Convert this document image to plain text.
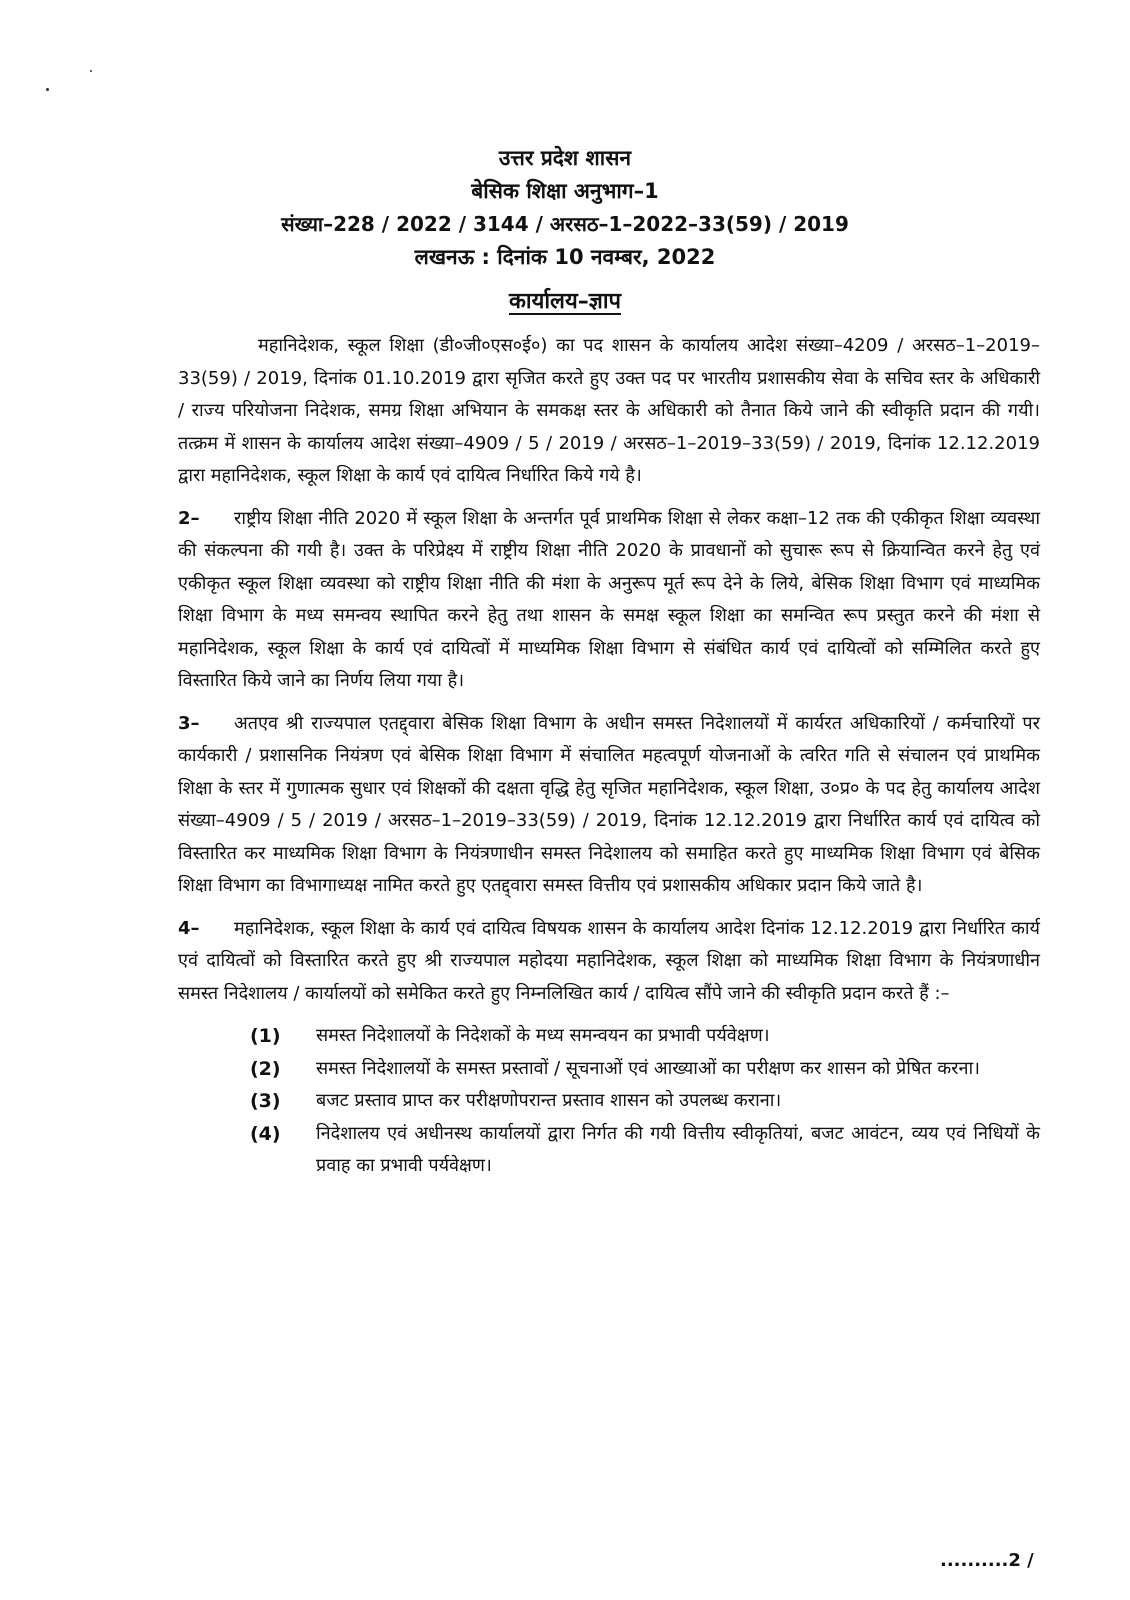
उत्तर प्रदेश शासन
बेसिक शिक्षा अनुभाग–1
संख्या–228 / 2022 / 3144 / अरसठ–1–2022–33(59) / 2019
लखनऊ : दिनांक 10 नवम्बर, 2022
कार्यालय–ज्ञाप

महानिदेशक, स्कूल शिक्षा (डी०जी०एस०ई०) का पद शासन के कार्यालय आदेश संख्या–4209 / अरसठ–1–2019–33(59) / 2019, दिनांक 01.10.2019 द्वारा सृजित करते हुए उक्त पद पर भारतीय प्रशासकीय सेवा के सचिव स्तर के अधिकारी / राज्य परियोजना निदेशक, समग्र शिक्षा अभियान के समकक्ष स्तर के अधिकारी को तैनात किये जाने की स्वीकृति प्रदान की गयी। तत्क्रम में शासन के कार्यालय आदेश संख्या–4909 / 5 / 2019 / अरसठ–1–2019–33(59) / 2019, दिनांक 12.12.2019 द्वारा महानिदेशक, स्कूल शिक्षा के कार्य एवं दायित्व निर्धारित किये गये है।

2– राष्ट्रीय शिक्षा नीति 2020 में स्कूल शिक्षा के अन्तर्गत पूर्व प्राथमिक शिक्षा से लेकर कक्षा–12 तक की एकीकृत शिक्षा व्यवस्था की संकल्पना की गयी है। उक्त के परिप्रेक्ष्य में राष्ट्रीय शिक्षा नीति 2020 के प्रावधानों को सुचारू रूप से क्रियान्वित करने हेतु एवं एकीकृत स्कूल शिक्षा व्यवस्था को राष्ट्रीय शिक्षा नीति की मंशा के अनुरूप मूर्त रूप देने के लिये, बेसिक शिक्षा विभाग एवं माध्यमिक शिक्षा विभाग के मध्य समन्वय स्थापित करने हेतु तथा शासन के समक्ष स्कूल शिक्षा का समन्वित रूप प्रस्तुत करने की मंशा से महानिदेशक, स्कूल शिक्षा के कार्य एवं दायित्वों में माध्यमिक शिक्षा विभाग से संबंधित कार्य एवं दायित्वों को सम्मिलित करते हुए विस्तारित किये जाने का निर्णय लिया गया है।

3– अतएव श्री राज्यपाल एतद्द्वारा बेसिक शिक्षा विभाग के अधीन समस्त निदेशालयों में कार्यरत अधिकारियों / कर्मचारियों पर कार्यकारी / प्रशासनिक नियंत्रण एवं बेसिक शिक्षा विभाग में संचालित महत्वपूर्ण योजनाओं के त्वरित गति से संचालन एवं प्राथमिक शिक्षा के स्तर में गुणात्मक सुधार एवं शिक्षकों की दक्षता वृद्धि हेतु सृजित महानिदेशक, स्कूल शिक्षा, उ०प्र० के पद हेतु कार्यालय आदेश संख्या–4909 / 5 / 2019 / अरसठ–1–2019–33(59) / 2019, दिनांक 12.12.2019 द्वारा निर्धारित कार्य एवं दायित्व को विस्तारित कर माध्यमिक शिक्षा विभाग के नियंत्रणाधीन समस्त निदेशालय को समाहित करते हुए माध्यमिक शिक्षा विभाग एवं बेसिक शिक्षा विभाग का विभागाध्यक्ष नामित करते हुए एतद्द्वारा समस्त वित्तीय एवं प्रशासकीय अधिकार प्रदान किये जाते है।

4– महानिदेशक, स्कूल शिक्षा के कार्य एवं दायित्व विषयक शासन के कार्यालय आदेश दिनांक 12.12.2019 द्वारा निर्धारित कार्य एवं दायित्वों को विस्तारित करते हुए श्री राज्यपाल महोदया महानिदेशक, स्कूल शिक्षा को माध्यमिक शिक्षा विभाग के नियंत्रणाधीन समस्त निदेशालय / कार्यालयों को समेकित करते हुए निम्नलिखित कार्य / दायित्व सौंपे जाने की स्वीकृति प्रदान करते हैं :–

(1)	समस्त निदेशालयों के निदेशकों के मध्य समन्वयन का प्रभावी पर्यवेक्षण।
(2)	समस्त निदेशालयों के समस्त प्रस्तावों / सूचनाओं एवं आख्याओं का परीक्षण कर शासन को प्रेषित करना।
(3)	बजट प्रस्ताव प्राप्त कर परीक्षणोपरान्त प्रस्ताव शासन को उपलब्ध कराना।
(4)	निदेशालय एवं अधीनस्थ कार्यालयों द्वारा निर्गत की गयी वित्तीय स्वीकृतियां, बजट आवंटन, व्यय एवं निधियों के प्रवाह का प्रभावी पर्यवेक्षण।
..........2 /
